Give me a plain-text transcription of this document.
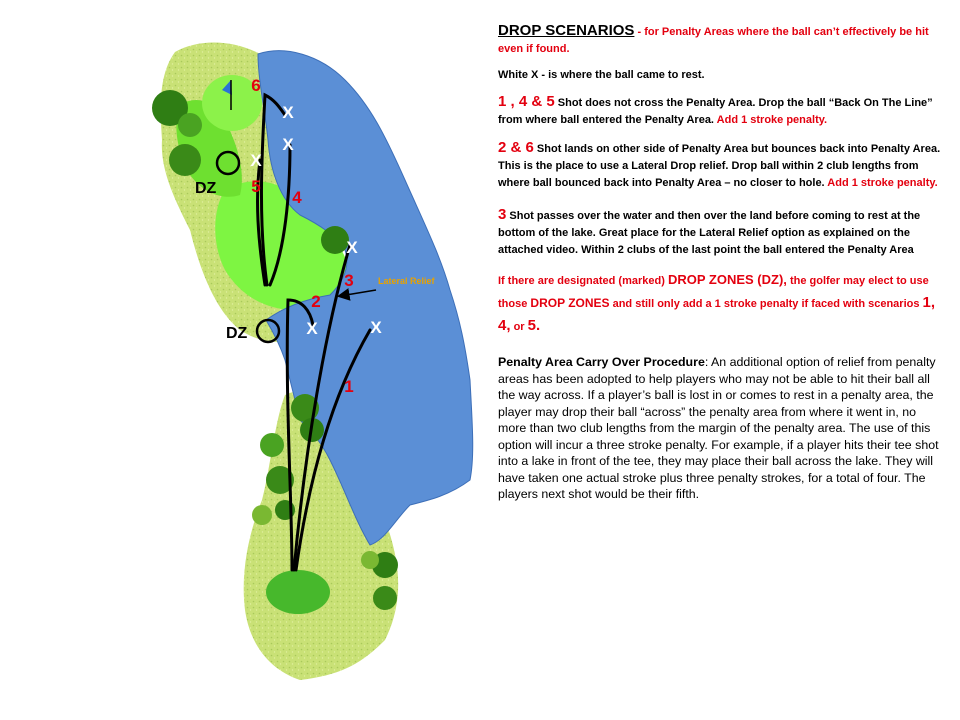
X
X
X
X
X	X
6
5
4
3
2
1
DZ
DZ
Lateral Relief

DROP SCENARIOS - for Penalty Areas where the ball can’t effectively be hit even if found.

White X - is where the ball came to rest.

1 , 4 & 5 Shot does not cross the Penalty Area. Drop the ball “Back On The Line” from where ball entered the Penalty Area. Add 1 stroke penalty.

2 & 6 Shot lands on other side of Penalty Area but bounces back into Penalty Area. This is the place to use a Lateral Drop relief. Drop ball within 2 club lengths from where ball bounced back into Penalty Area – no closer to hole. Add 1 stroke penalty.

3 Shot passes over the water and then over the land before coming to rest at the bottom of the lake. Great place for the Lateral Relief option as explained on the attached video. Within 2 clubs of the last point the ball entered the Penalty Area

If there are designated (marked) DROP ZONES (DZ), the golfer may elect to use those DROP ZONES and still only add a 1 stroke penalty if faced with scenarios 1, 4, or 5.

Penalty Area Carry Over Procedure: An additional option of relief from penalty areas has been adopted to help players who may not be able to hit their ball all the way across. If a player’s ball is lost in or comes to rest in a penalty area, the player may drop their ball “across” the penalty area from where it went in, no more than two club lengths from the margin of the penalty area. The use of this option will incur a three stroke penalty. For example, if a player hits their tee shot into a lake in front of the tee, they may place their ball across the lake. They will have taken one actual stroke plus three penalty strokes, for a total of four. The players next shot would be their fifth.
